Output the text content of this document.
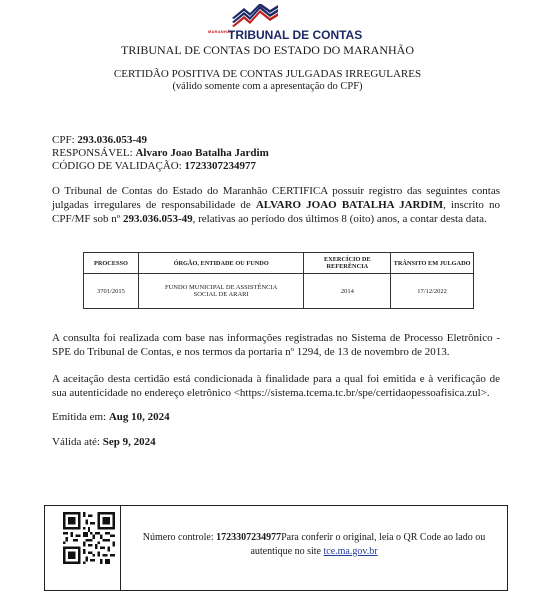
MARANHÃO
TRIBUNAL DE CONTAS
TRIBUNAL DE CONTAS DO ESTADO DO MARANHÃO
CERTIDÃO POSITIVA DE CONTAS JULGADAS IRREGULARES
(válido somente com a apresentação do CPF)
CPF: 293.036.053-49
RESPONSÁVEL: Alvaro Joao Batalha Jardim
CÓDIGO DE VALIDAÇÃO: 1723307234977
O Tribunal de Contas do Estado do Maranhão CERTIFICA possuir registro das seguintes contas julgadas irregulares de responsabilidade de ALVARO JOAO BATALHA JARDIM, inscrito no CPF/MF sob nº 293.036.053-49, relativas ao período dos últimos 8 (oito) anos, a contar desta data.
PROCESSO	ÓRGÃO, ENTIDADE OU FUNDO	EXERCÍCIO DE REFERÊNCIA	TRÂNSITO EM JULGADO
3701/2015	FUNDO MUNICIPAL DE ASSISTÊNCIA SOCIAL DE ARARI	2014	17/12/2022
A consulta foi realizada com base nas informações registradas no Sistema de Processo Eletrônico - SPE do Tribunal de Contas, e nos termos da portaria nº 1294, de 13 de novembro de 2013.
A aceitação desta certidão está condicionada à finalidade para a qual foi emitida e à verificação de sua autenticidade no endereço eletrônico <https://sistema.tcema.tc.br/spe/certidaopessoafisica.zul>.
Emitida em: Aug 10, 2024
Válida até: Sep 9, 2024
Número controle: 1723307234977Para conferir o original, leia o QR Code ao lado ou autentique no site tce.ma.gov.br
